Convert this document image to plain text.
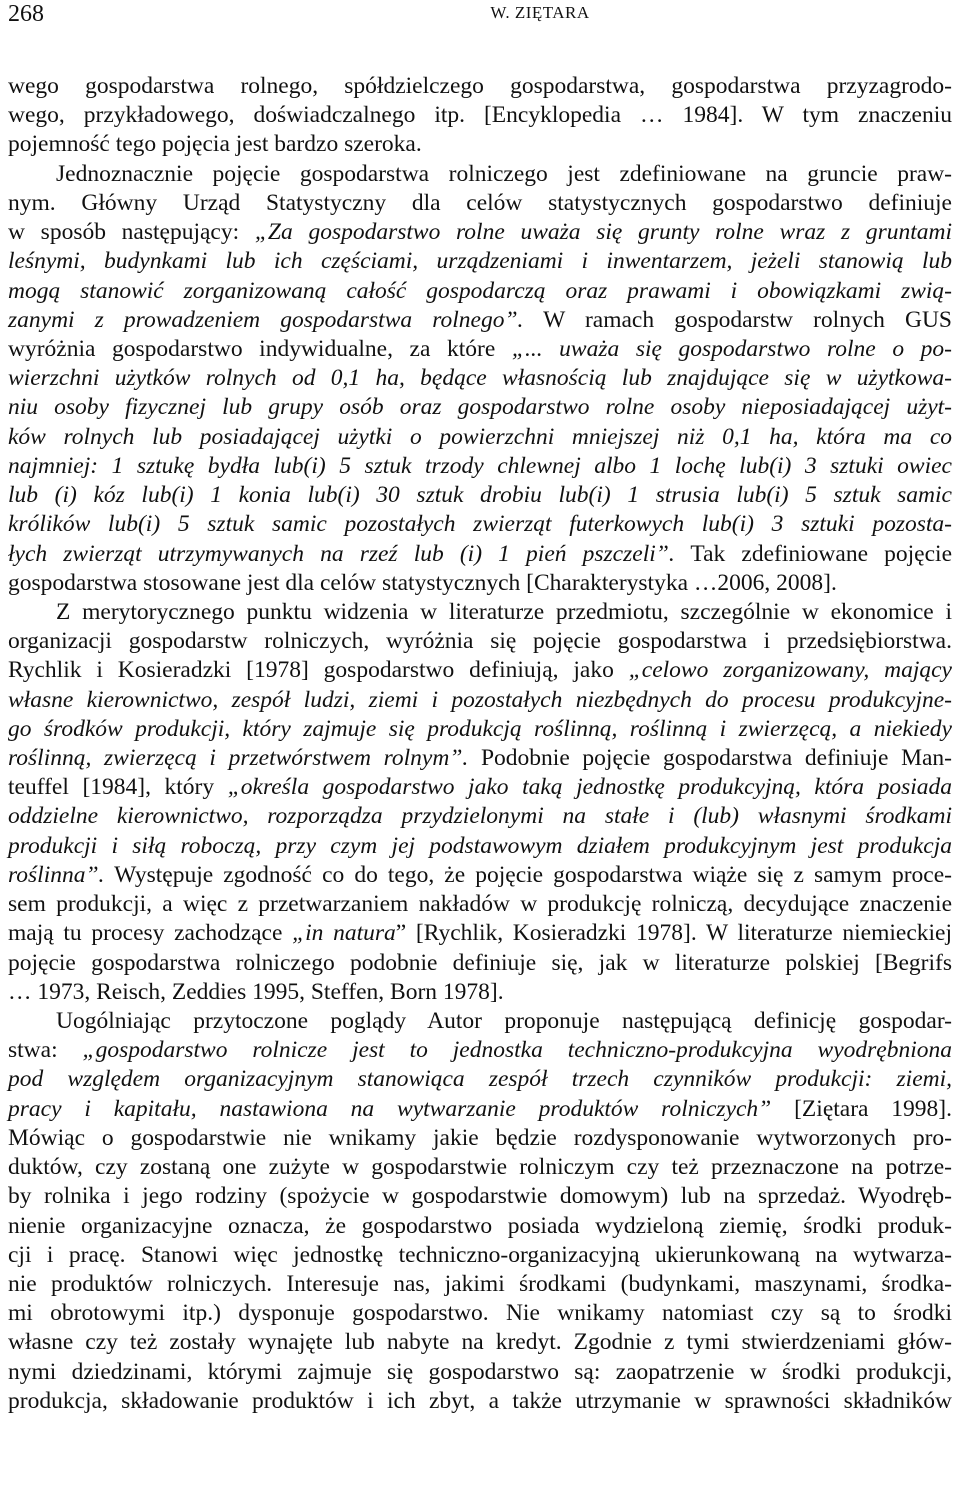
268	W. ZIĘTARA
wego gospodarstwa rolnego, spółdzielczego gospodarstwa, gospodarstwa przyzagrodo-
wego, przykładowego, doświadczalnego itp. [Encyklopedia … 1984]. W tym znaczeniu
pojemność tego pojęcia jest bardzo szeroka.
Jednoznacznie pojęcie gospodarstwa rolniczego jest zdefiniowane na gruncie praw-
nym. Główny Urząd Statystyczny dla celów statystycznych gospodarstwo definiuje
w sposób następujący: „Za gospodarstwo rolne uważa się grunty rolne wraz z gruntami
leśnymi, budynkami lub ich częściami, urządzeniami i inwentarzem, jeżeli stanowią lub
mogą stanowić zorganizowaną całość gospodarczą oraz prawami i obowiązkami zwią-
zanymi z prowadzeniem gospodarstwa rolnego”. W ramach gospodarstw rolnych GUS
wyróżnia gospodarstwo indywidualne, za które „... uważa się gospodarstwo rolne o po-
wierzchni użytków rolnych od 0,1 ha, będące własnością lub znajdujące się w użytkowa-
niu osoby fizycznej lub grupy osób oraz gospodarstwo rolne osoby nieposiadającej użyt-
ków rolnych lub posiadającej użytki o powierzchni mniejszej niż 0,1 ha, która ma co
najmniej: 1 sztukę bydła lub(i) 5 sztuk trzody chlewnej albo 1 lochę lub(i) 3 sztuki owiec
lub (i) kóz lub(i) 1 konia lub(i) 30 sztuk drobiu lub(i) 1 strusia lub(i) 5 sztuk samic
królików lub(i) 5 sztuk samic pozostałych zwierząt futerkowych lub(i) 3 sztuki pozosta-
łych zwierząt utrzymywanych na rzeź lub (i) 1 pień pszczeli”. Tak zdefiniowane pojęcie
gospodarstwa stosowane jest dla celów statystycznych [Charakterystyka …2006, 2008].
Z merytorycznego punktu widzenia w literaturze przedmiotu, szczególnie w ekonomice i
organizacji gospodarstw rolniczych, wyróżnia się pojęcie gospodarstwa i przedsiębiorstwa.
Rychlik i Kosieradzki [1978] gospodarstwo definiują, jako „celowo zorganizowany, mający
własne kierownictwo, zespół ludzi, ziemi i pozostałych niezbędnych do procesu produkcyjne-
go środków produkcji, który zajmuje się produkcją roślinną, roślinną i zwierzęcą, a niekiedy
roślinną, zwierzęcą i przetwórstwem rolnym”. Podobnie pojęcie gospodarstwa definiuje Man-
teuffel [1984], który „określa gospodarstwo jako taką jednostkę produkcyjną, która posiada
oddzielne kierownictwo, rozporządza przydzielonymi na stałe i (lub) własnymi środkami
produkcji i siłą roboczą, przy czym jej podstawowym działem produkcyjnym jest produkcja
roślinna”. Występuje zgodność co do tego, że pojęcie gospodarstwa wiąże się z samym proce-
sem produkcji, a więc z przetwarzaniem nakładów w produkcję rolniczą, decydujące znaczenie
mają tu procesy zachodzące „in natura” [Rychlik, Kosieradzki 1978]. W literaturze niemieckiej
pojęcie gospodarstwa rolniczego podobnie definiuje się, jak w literaturze polskiej [Begrifs
… 1973, Reisch, Zeddies 1995, Steffen, Born 1978].
Uogólniając przytoczone poglądy Autor proponuje następującą definicję gospodar-
stwa: „gospodarstwo rolnicze jest to jednostka techniczno-produkcyjna wyodrębniona
pod względem organizacyjnym stanowiąca zespół trzech czynników produkcji: ziemi,
pracy i kapitału, nastawiona na wytwarzanie produktów rolniczych” [Ziętara 1998].
Mówiąc o gospodarstwie nie wnikamy jakie będzie rozdysponowanie wytworzonych pro-
duktów, czy zostaną one zużyte w gospodarstwie rolniczym czy też przeznaczone na potrze-
by rolnika i jego rodziny (spożycie w gospodarstwie domowym) lub na sprzedaż. Wyodręb-
nienie organizacyjne oznacza, że gospodarstwo posiada wydzieloną ziemię, środki produk-
cji i pracę. Stanowi więc jednostkę techniczno-organizacyjną ukierunkowaną na wytwarza-
nie produktów rolniczych. Interesuje nas, jakimi środkami (budynkami, maszynami, środka-
mi obrotowymi itp.) dysponuje gospodarstwo. Nie wnikamy natomiast czy są to środki
własne czy też zostały wynajęte lub nabyte na kredyt. Zgodnie z tymi stwierdzeniami głów-
nymi dziedzinami, którymi zajmuje się gospodarstwo są: zaopatrzenie w środki produkcji,
produkcja, składowanie produktów i ich zbyt, a także utrzymanie w sprawności składników
